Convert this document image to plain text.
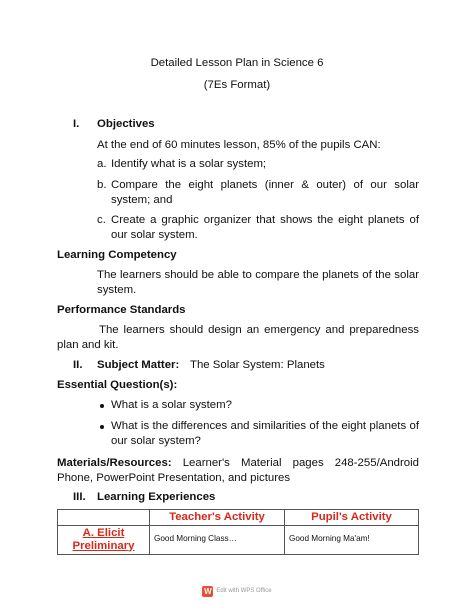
Detailed Lesson Plan in Science 6
(7Es Format)
I. Objectives
At the end of 60 minutes lesson, 85% of the pupils CAN:
a. Identify what is a solar system;
b. Compare the eight planets (inner & outer) of our solar system; and
c. Create a graphic organizer that shows the eight planets of our solar system.
Learning Competency
The learners should be able to compare the planets of the solar system.
Performance Standards
The learners should design an emergency and preparedness plan and kit.
II. Subject Matter: The Solar System: Planets
Essential Question(s):
What is a solar system?
What is the differences and similarities of the eight planets of our solar system?
Materials/Resources: Learner's Material pages 248-255/Android Phone, PowerPoint Presentation, and pictures
III. Learning Experiences
	Teacher's Activity	Pupil's Activity
A. Elicit Preliminary	Good Morning Class…	Good Morning Ma'am!
W Edit with WPS Office
